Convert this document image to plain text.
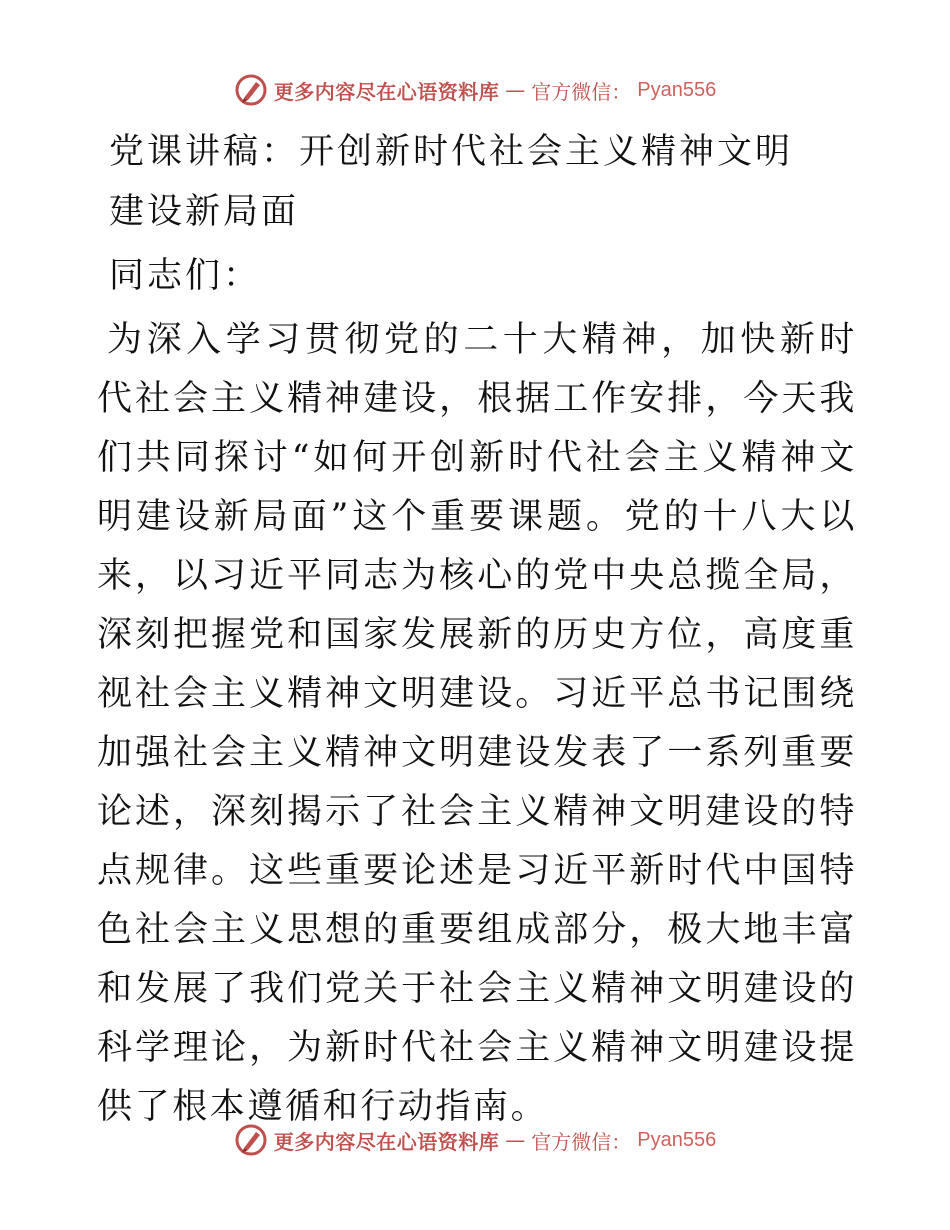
更多内容尽在心语资料库 — 官方微信： Pyan556
党课讲稿：开创新时代社会主义精神文明
建设新局面

同志们：

为深入学习贯彻党的二十大精神，加快新时代社会主义精神建设，根据工作安排，今天我们共同探讨“如何开创新时代社会主义精神文明建设新局面”这个重要课题。党的十八大以来，以习近平同志为核心的党中央总揽全局，深刻把握党和国家发展新的历史方位，高度重视社会主义精神文明建设。习近平总书记围绕加强社会主义精神文明建设发表了一系列重要论述，深刻揭示了社会主义精神文明建设的特点规律。这些重要论述是习近平新时代中国特色社会主义思想的重要组成部分，极大地丰富和发展了我们党关于社会主义精神文明建设的科学理论，为新时代社会主义精神文明建设提供了根本遵循和行动指南。

更多内容尽在心语资料库 — 官方微信： Pyan556
